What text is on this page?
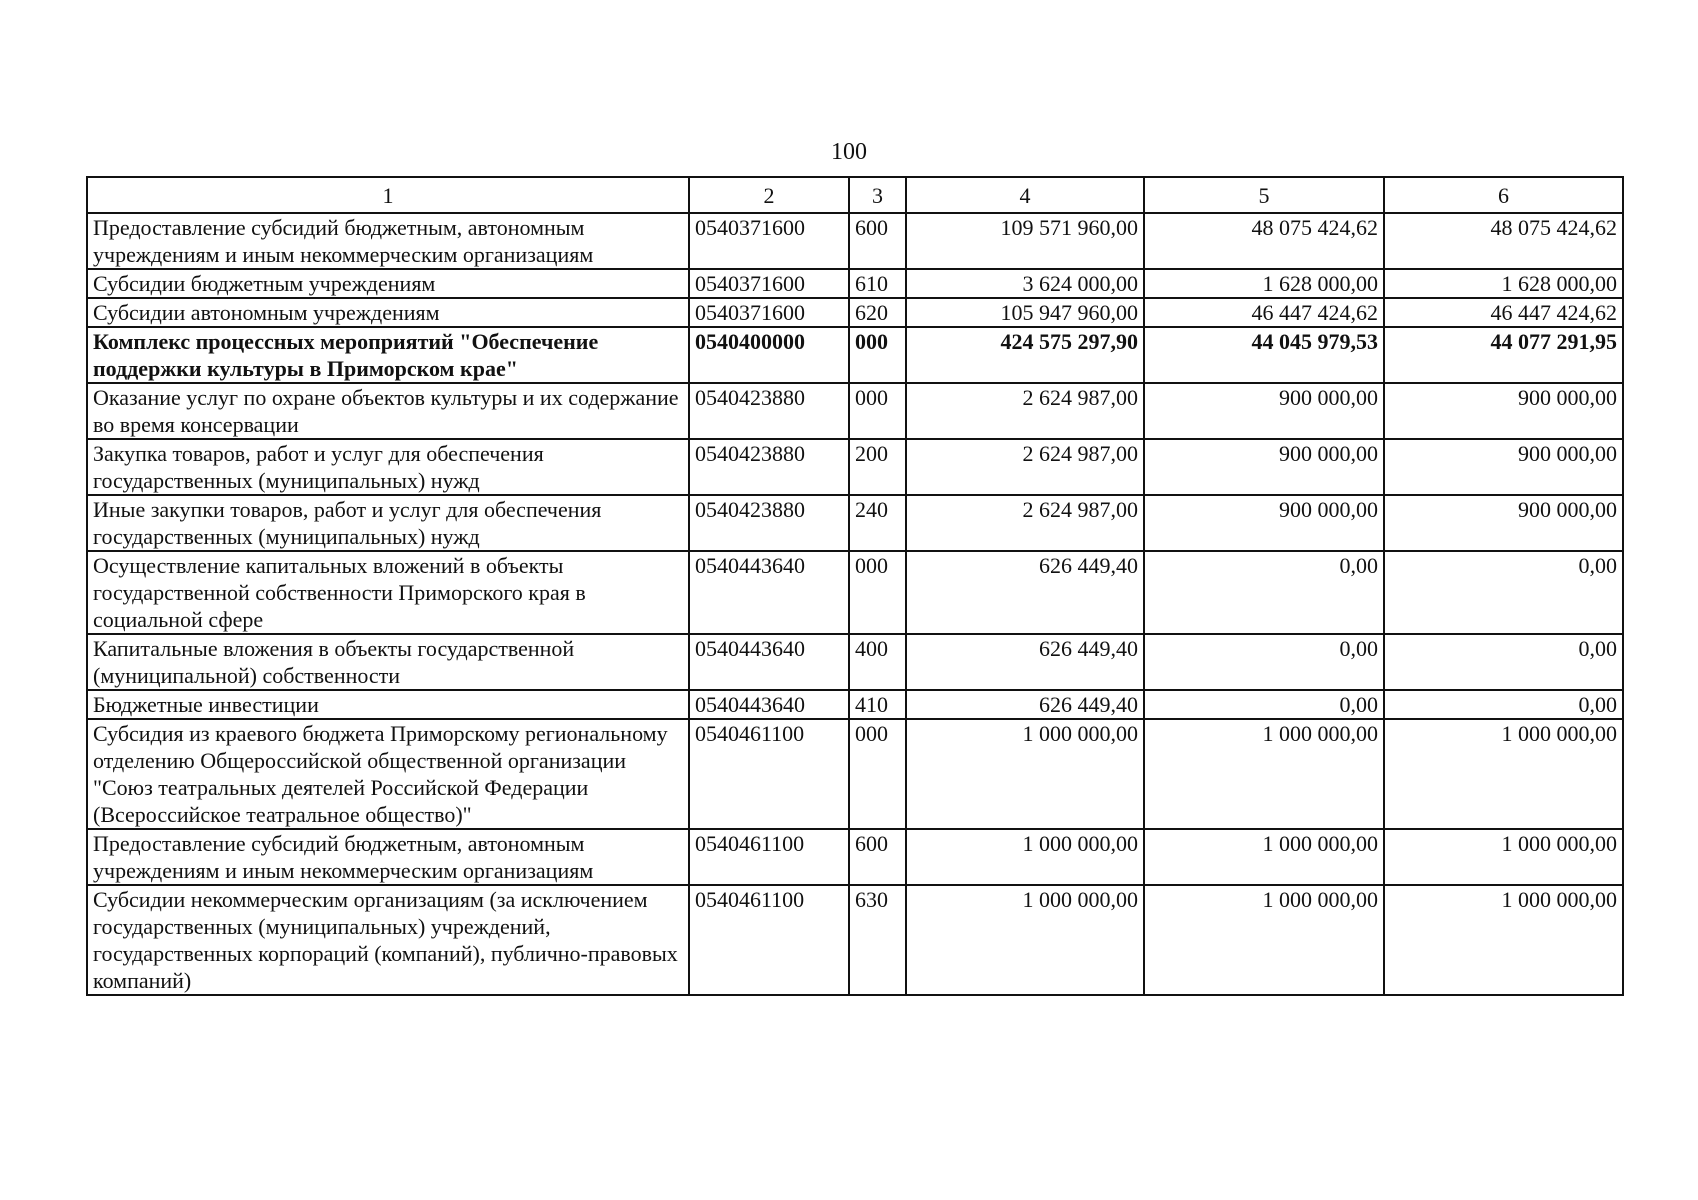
100
1	2	3	4	5	6
Предоставление субсидий бюджетным, автономным учреждениям и иным некоммерческим организациям	0540371600	600	109 571 960,00	48 075 424,62	48 075 424,62
Субсидии бюджетным учреждениям	0540371600	610	3 624 000,00	1 628 000,00	1 628 000,00
Субсидии автономным учреждениям	0540371600	620	105 947 960,00	46 447 424,62	46 447 424,62
Комплекс процессных мероприятий "Обеспечение поддержки культуры в Приморском крае"	0540400000	000	424 575 297,90	44 045 979,53	44 077 291,95
Оказание услуг по охране объектов культуры и их содержание во время консервации	0540423880	000	2 624 987,00	900 000,00	900 000,00
Закупка товаров, работ и услуг для обеспечения государственных (муниципальных) нужд	0540423880	200	2 624 987,00	900 000,00	900 000,00
Иные закупки товаров, работ и услуг для обеспечения государственных (муниципальных) нужд	0540423880	240	2 624 987,00	900 000,00	900 000,00
Осуществление капитальных вложений в объекты государственной собственности Приморского края в социальной сфере	0540443640	000	626 449,40	0,00	0,00
Капитальные вложения в объекты государственной (муниципальной) собственности	0540443640	400	626 449,40	0,00	0,00
Бюджетные инвестиции	0540443640	410	626 449,40	0,00	0,00
Субсидия из краевого бюджета Приморскому региональному отделению Общероссийской общественной организации "Союз театральных деятелей Российской Федерации (Всероссийское театральное общество)"	0540461100	000	1 000 000,00	1 000 000,00	1 000 000,00
Предоставление субсидий бюджетным, автономным учреждениям и иным некоммерческим организациям	0540461100	600	1 000 000,00	1 000 000,00	1 000 000,00
Субсидии некоммерческим организациям (за исключением государственных (муниципальных) учреждений, государственных корпораций (компаний), публично-правовых компаний)	0540461100	630	1 000 000,00	1 000 000,00	1 000 000,00
